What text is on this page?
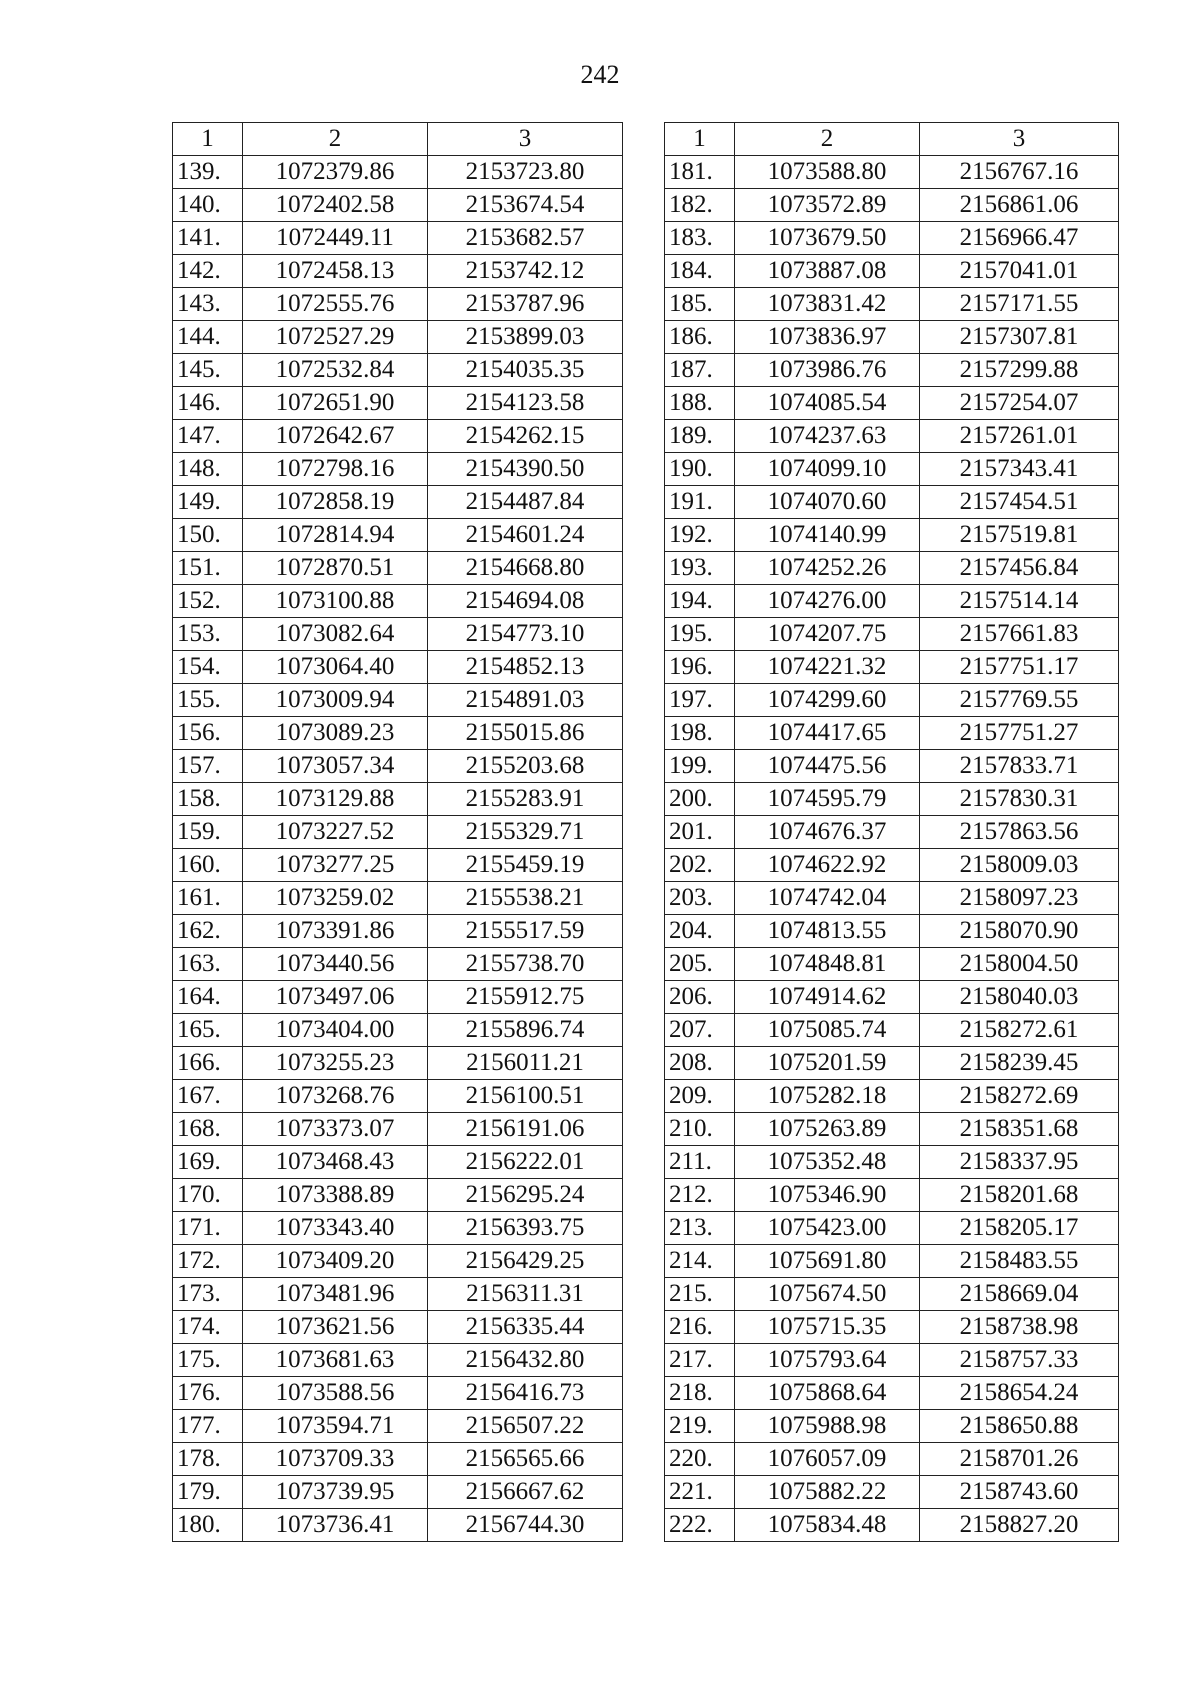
242
1	2	3
139.	1072379.86	2153723.80
140.	1072402.58	2153674.54
141.	1072449.11	2153682.57
142.	1072458.13	2153742.12
143.	1072555.76	2153787.96
144.	1072527.29	2153899.03
145.	1072532.84	2154035.35
146.	1072651.90	2154123.58
147.	1072642.67	2154262.15
148.	1072798.16	2154390.50
149.	1072858.19	2154487.84
150.	1072814.94	2154601.24
151.	1072870.51	2154668.80
152.	1073100.88	2154694.08
153.	1073082.64	2154773.10
154.	1073064.40	2154852.13
155.	1073009.94	2154891.03
156.	1073089.23	2155015.86
157.	1073057.34	2155203.68
158.	1073129.88	2155283.91
159.	1073227.52	2155329.71
160.	1073277.25	2155459.19
161.	1073259.02	2155538.21
162.	1073391.86	2155517.59
163.	1073440.56	2155738.70
164.	1073497.06	2155912.75
165.	1073404.00	2155896.74
166.	1073255.23	2156011.21
167.	1073268.76	2156100.51
168.	1073373.07	2156191.06
169.	1073468.43	2156222.01
170.	1073388.89	2156295.24
171.	1073343.40	2156393.75
172.	1073409.20	2156429.25
173.	1073481.96	2156311.31
174.	1073621.56	2156335.44
175.	1073681.63	2156432.80
176.	1073588.56	2156416.73
177.	1073594.71	2156507.22
178.	1073709.33	2156565.66
179.	1073739.95	2156667.62
180.	1073736.41	2156744.30
1	2	3
181.	1073588.80	2156767.16
182.	1073572.89	2156861.06
183.	1073679.50	2156966.47
184.	1073887.08	2157041.01
185.	1073831.42	2157171.55
186.	1073836.97	2157307.81
187.	1073986.76	2157299.88
188.	1074085.54	2157254.07
189.	1074237.63	2157261.01
190.	1074099.10	2157343.41
191.	1074070.60	2157454.51
192.	1074140.99	2157519.81
193.	1074252.26	2157456.84
194.	1074276.00	2157514.14
195.	1074207.75	2157661.83
196.	1074221.32	2157751.17
197.	1074299.60	2157769.55
198.	1074417.65	2157751.27
199.	1074475.56	2157833.71
200.	1074595.79	2157830.31
201.	1074676.37	2157863.56
202.	1074622.92	2158009.03
203.	1074742.04	2158097.23
204.	1074813.55	2158070.90
205.	1074848.81	2158004.50
206.	1074914.62	2158040.03
207.	1075085.74	2158272.61
208.	1075201.59	2158239.45
209.	1075282.18	2158272.69
210.	1075263.89	2158351.68
211.	1075352.48	2158337.95
212.	1075346.90	2158201.68
213.	1075423.00	2158205.17
214.	1075691.80	2158483.55
215.	1075674.50	2158669.04
216.	1075715.35	2158738.98
217.	1075793.64	2158757.33
218.	1075868.64	2158654.24
219.	1075988.98	2158650.88
220.	1076057.09	2158701.26
221.	1075882.22	2158743.60
222.	1075834.48	2158827.20
